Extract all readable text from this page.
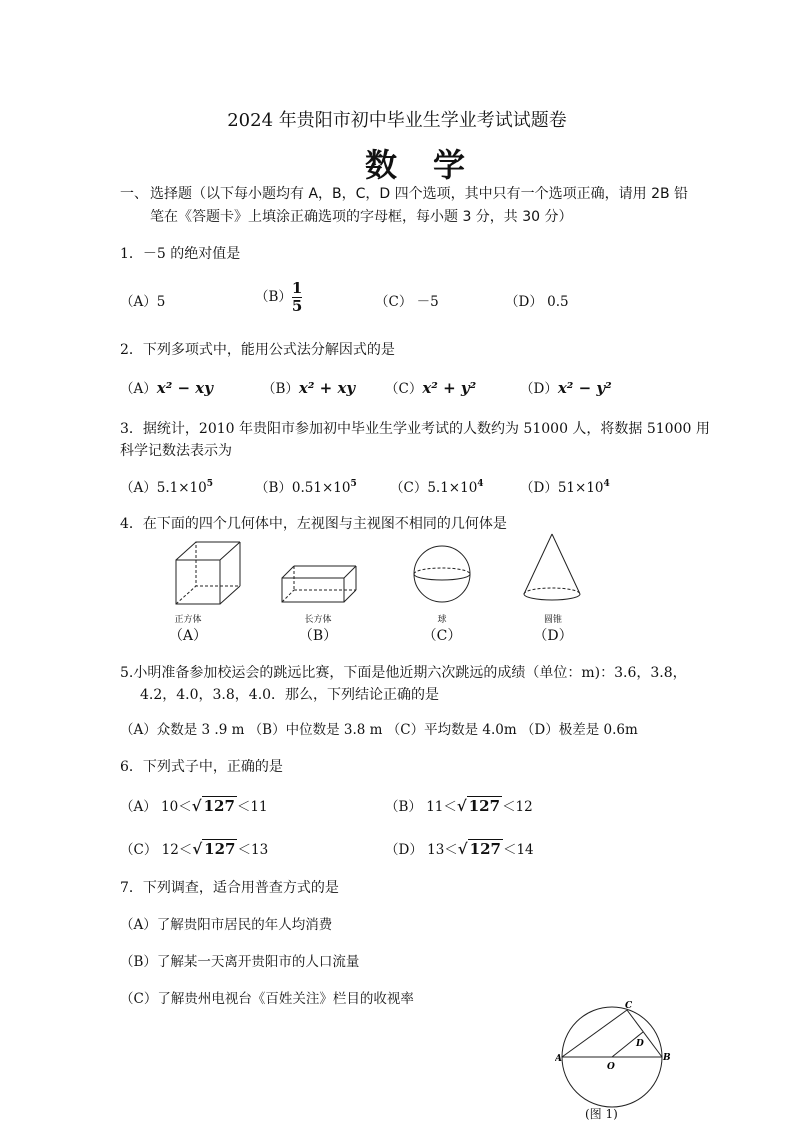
2024 年贵阳市初中毕业生学业考试试题卷
数学
一、 选择题（以下每小题均有 A，B，C，D 四个选项，其中只有一个选项正确，请用 2B 铅
笔在《答题卡》上填涂正确选项的字母框，每小题 3 分，共 30 分）
1．－5 的绝对值是
（A）5	$(B) \frac{1}{5}$	（C） －5	（D） 0.5
2．下列多项式中，能用公式法分解因式的是
（A）x² − xy	（B）x² + xy （C）x² + y²	（D）x² − y²
3．据统计，2010 年贵阳市参加初中毕业生学业考试的人数约为 51000 人，将数据 51000 用
科学记数法表示为
$(A)5.1\times 10^5$	$(B)0.51\times 10^5$ $(C)5.1\times 10^4$	$(D)51\times 10^4$
4．在下面的四个几何体中，左视图与主视图不相同的几何体是
正方体
（A）
长方体
（B）
球
（C）
圆锥
（D）
5.小明准备参加校运会的跳远比赛，下面是他近期六次跳远的成绩（单位：m)：3.6，3.8，
4.2，4.0，3.8，4.0．那么，下列结论正确的是
（A）众数是 3 .9 m （B）中位数是 3.8 m （C）平均数是 4.0m （D）极差是 0.6m
6．下列式子中，正确的是
（A） 10＜√ 127 ＜11	（B） 11＜√ 127 ＜12
（C） 12＜√ 127 ＜13	（D） 13＜√ 127 ＜14
7．下列调查，适合用普查方式的是
（A）了解贵阳市居民的年人均消费
（B）了解某一天离开贵阳市的人口流量
（C）了解贵州电视台《百姓关注》栏目的收视率
A	B
C
D
O
(图 1)
